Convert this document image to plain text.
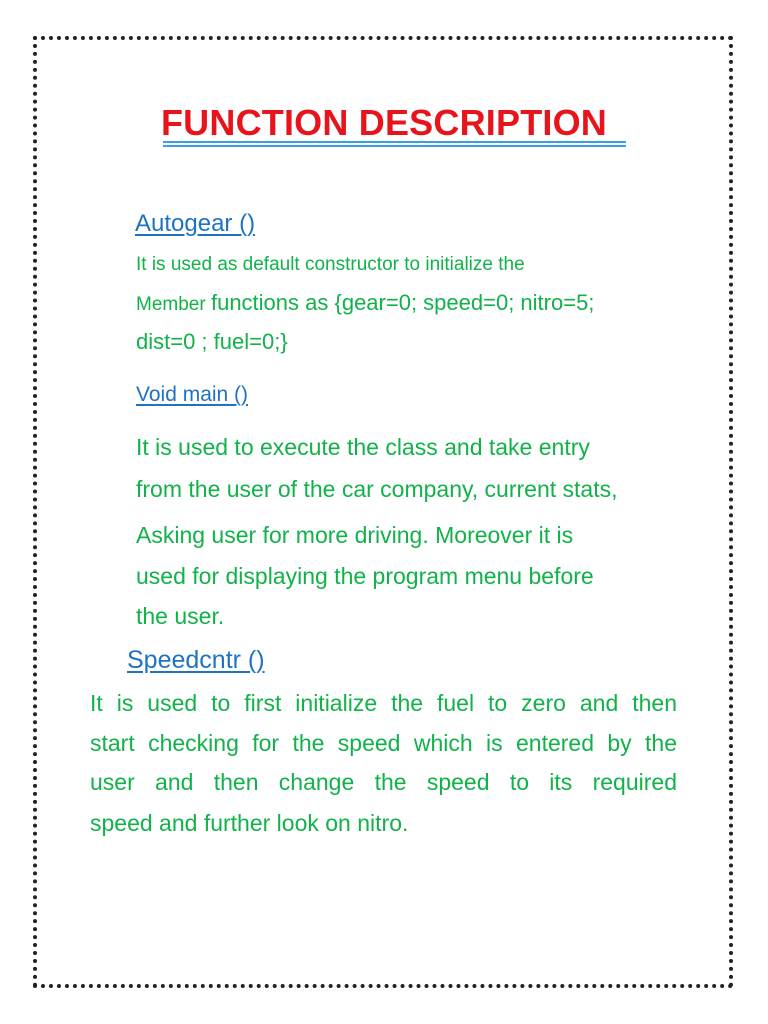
FUNCTION DESCRIPTION
Autogear ()
It is used as default constructor to initialize the
Member functions as {gear=0; speed=0; nitro=5;
dist=0 ; fuel=0;}
Void main ()
It is used to execute the class and take entry
from the user of the car company, current stats,
Asking user for more driving. Moreover it is
used for displaying the program menu before
the user.
Speedcntr ()
It is used to first initialize the fuel to zero and then
start checking for the speed which is entered by the
user and then change the speed to its required
speed and further look on nitro.
